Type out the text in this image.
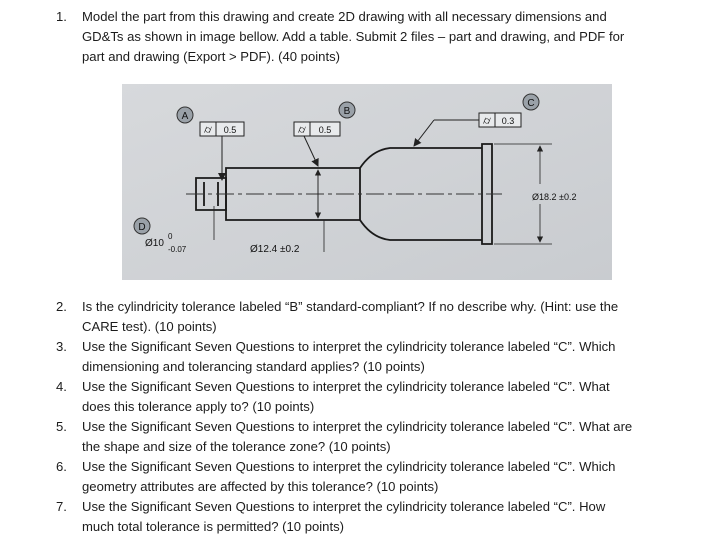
1.	Model the part from this drawing and create 2D drawing with all necessary dimensions and
GD&Ts as shown in image bellow. Add a table. Submit 2 files – part and drawing, and PDF for
part and drawing (Export > PDF). (40 points)
A	B
C
D
⌭ 0.5	⌭ 0.5
⌭ 0.3
Ø10
0
-0.07	Ø12.4 ±0.2
Ø18.2 ±0.2
2.	Is the cylindricity tolerance labeled “B” standard-compliant? If no describe why. (Hint: use the
CARE test). (10 points)
3.	Use the Significant Seven Questions to interpret the cylindricity tolerance labeled “C”. Which
dimensioning and tolerancing standard applies? (10 points)
4.	Use the Significant Seven Questions to interpret the cylindricity tolerance labeled “C”. What
does this tolerance apply to? (10 points)
5.	Use the Significant Seven Questions to interpret the cylindricity tolerance labeled “C”. What are
the shape and size of the tolerance zone? (10 points)
6.	Use the Significant Seven Questions to interpret the cylindricity tolerance labeled “C”. Which
geometry attributes are affected by this tolerance? (10 points)
7.	Use the Significant Seven Questions to interpret the cylindricity tolerance labeled “C”. How
much total tolerance is permitted? (10 points)
